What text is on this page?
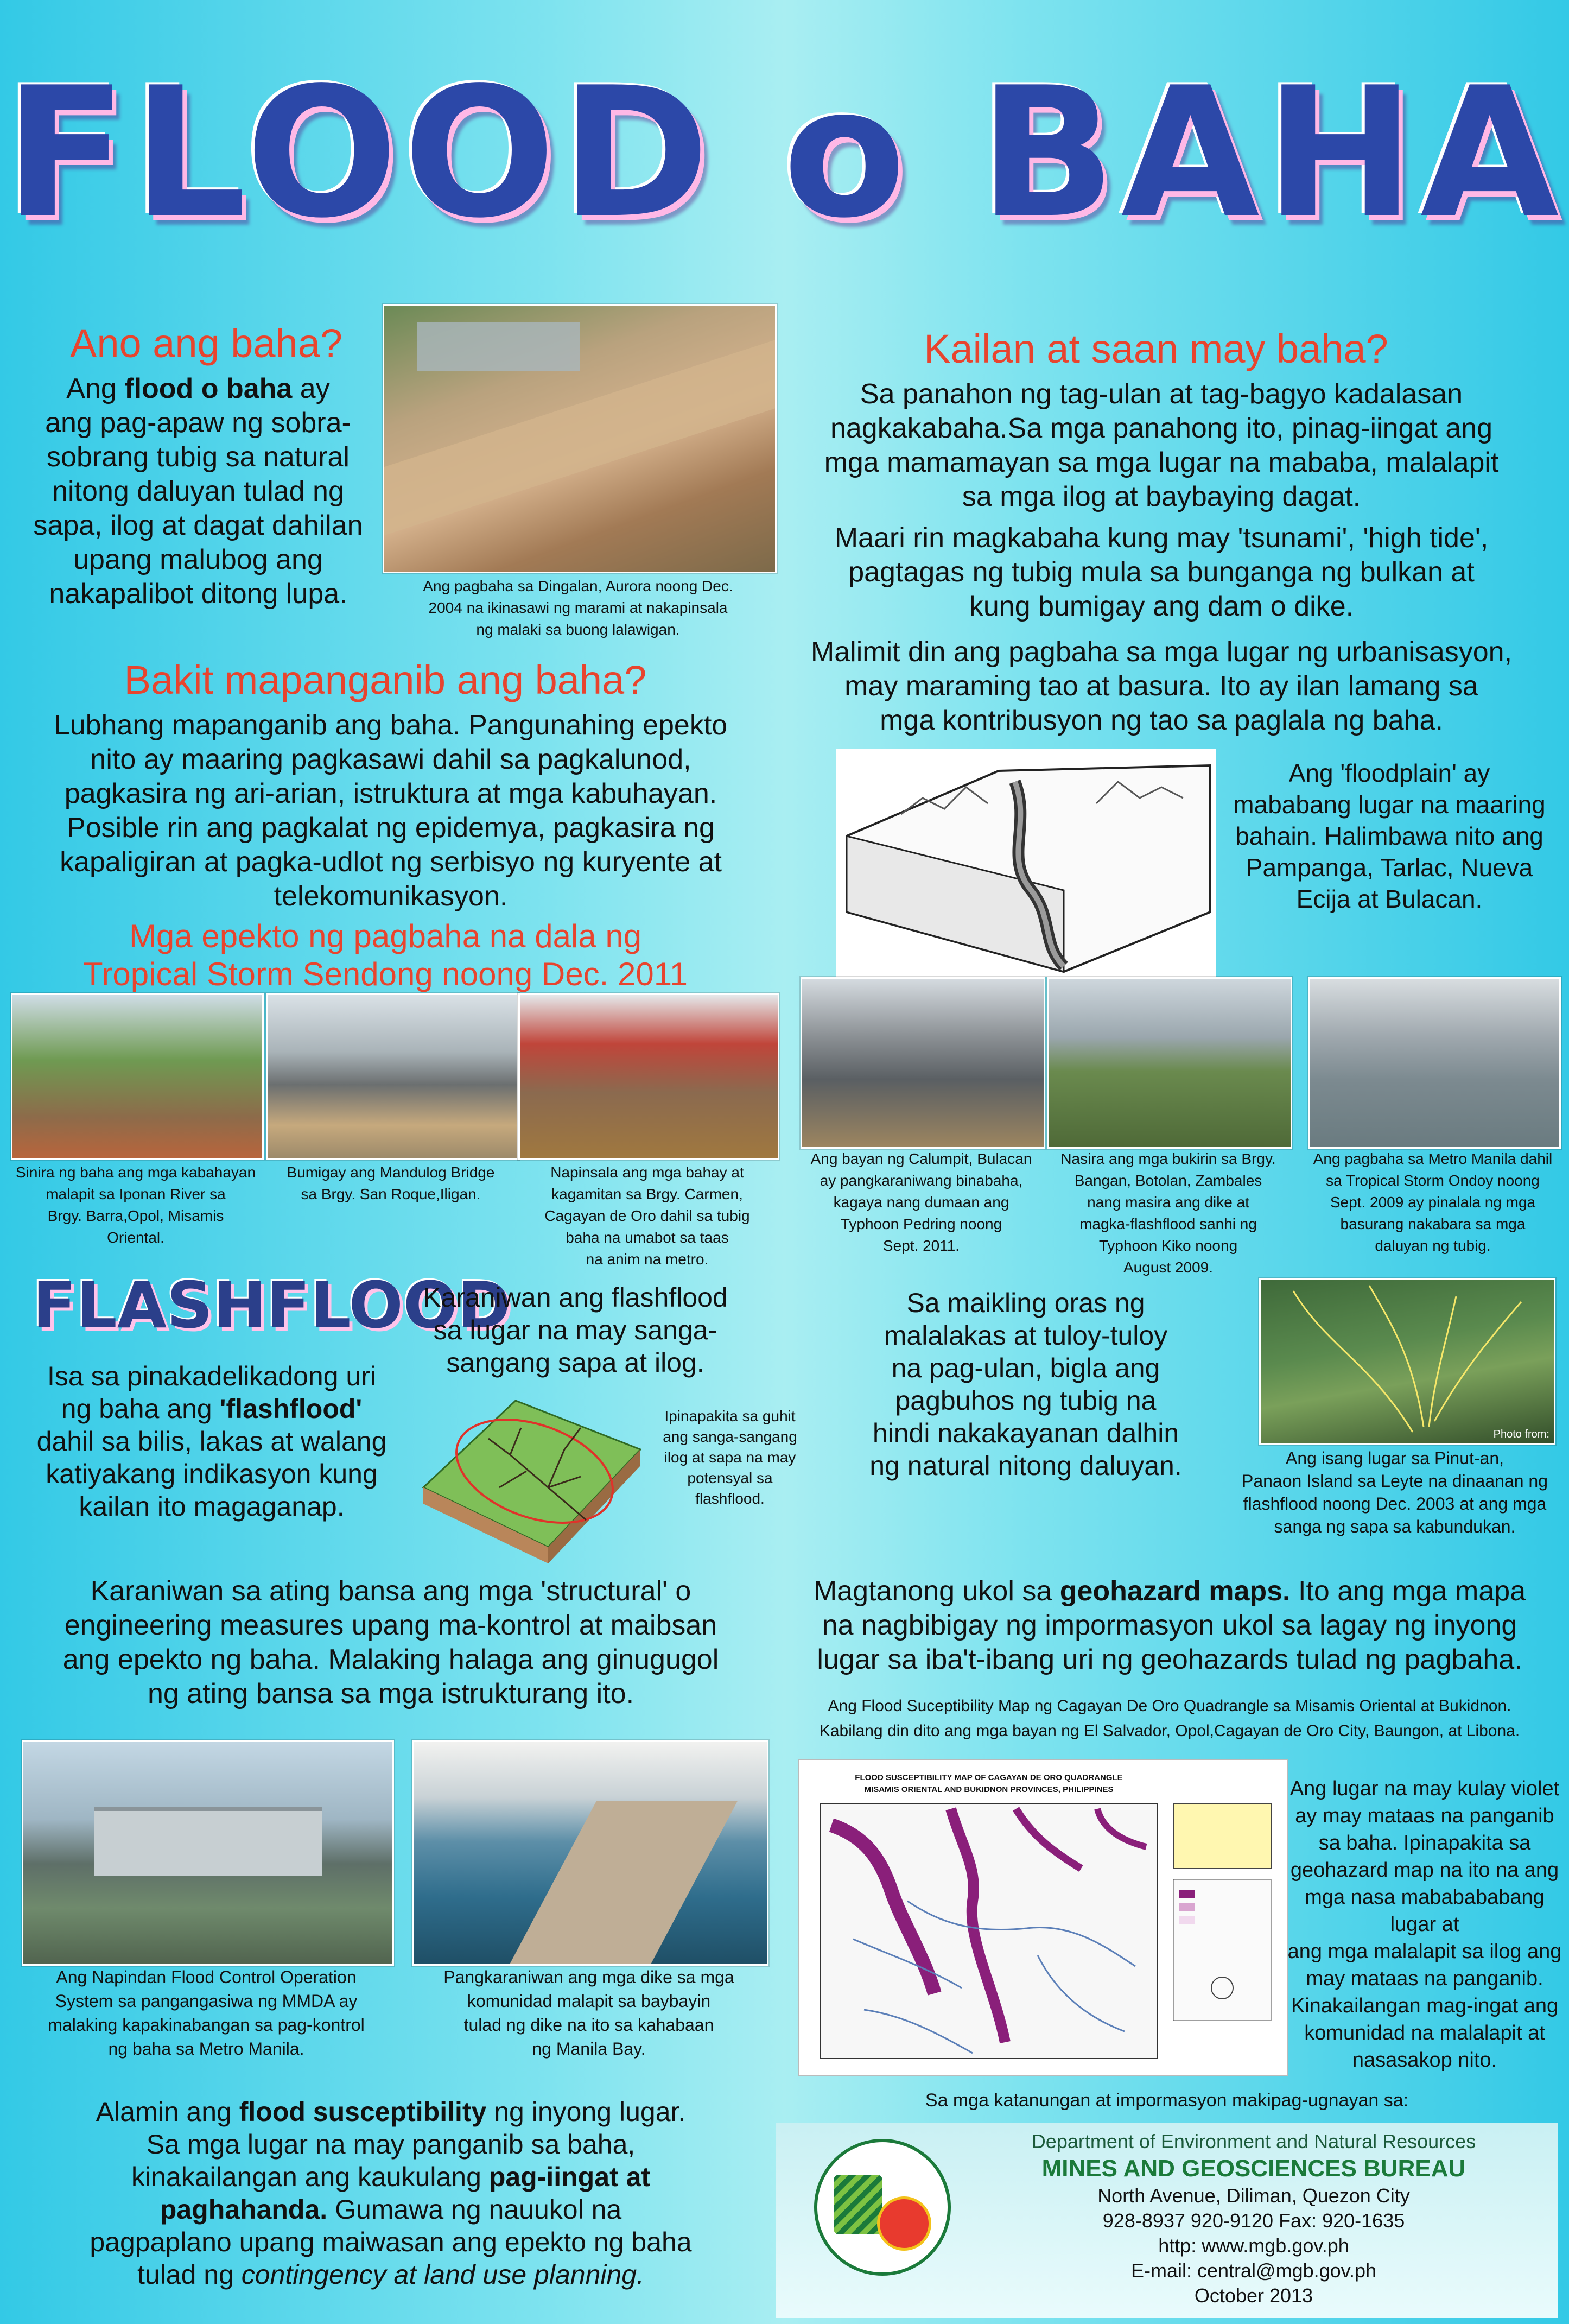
FLOOD o BAHA
Ano ang baha?
Ang flood o baha ay
ang pag-apaw ng sobra-
sobrang tubig sa natural
nitong daluyan tulad ng
sapa, ilog at dagat dahilan
upang malubog ang
nakapalibot ditong lupa.	Ang pagbaha sa Dingalan, Aurora noong Dec.
2004 na ikinasawi ng marami at nakapinsala
ng malaki sa buong lalawigan.
Bakit mapanganib ang baha?
Lubhang mapanganib ang baha. Pangunahing epekto
nito ay maaring pagkasawi dahil sa pagkalunod,
pagkasira ng ari-arian, istruktura at mga kabuhayan.
Posible rin ang pagkalat ng epidemya, pagkasira ng
kapaligiran at pagka-udlot ng serbisyo ng kuryente at
telekomunikasyon.
Kailan at saan may baha?
Sa panahon ng tag-ulan at tag-bagyo kadalasan
nagkakabaha.Sa mga panahong ito, pinag-iingat ang
mga mamamayan sa mga lugar na mababa, malalapit
sa mga ilog at baybaying dagat.
Maari rin magkabaha kung may 'tsunami', 'high tide',
pagtagas ng tubig mula sa bunganga ng bulkan at
kung bumigay ang dam o dike.
Malimit din ang pagbaha sa mga lugar ng urbanisasyon,
may maraming tao at basura. Ito ay ilan lamang sa
mga kontribusyon ng tao sa paglala ng baha.
Ang 'floodplain' ay
mababang lugar na maaring
bahain. Halimbawa nito ang
Pampanga, Tarlac, Nueva
Ecija at Bulacan.
Mga epekto ng pagbaha na dala ng
Tropical Storm Sendong noong Dec. 2011
Sinira ng baha ang mga kabahayan
malapit sa Iponan River sa
Brgy. Barra,Opol, Misamis
Oriental.
Bumigay ang Mandulog Bridge
sa Brgy. San Roque,Iligan.
Napinsala ang mga bahay at
kagamitan sa Brgy. Carmen,
Cagayan de Oro dahil sa tubig
baha na umabot sa taas
na anim na metro.
Ang bayan ng Calumpit, Bulacan
ay pangkaraniwang binabaha,
kagaya nang dumaan ang
Typhoon Pedring noong
Sept. 2011.
Nasira ang mga bukirin sa Brgy.
Bangan, Botolan, Zambales
nang masira ang dike at
magka-flashflood sanhi ng
Typhoon Kiko noong
August 2009.
Ang pagbaha sa Metro Manila dahil
sa Tropical Storm Ondoy noong
Sept. 2009 ay pinalala ng mga
basurang nakabara sa mga
daluyan ng tubig.
FLASHFLOOD
Karaniwan ang flashflood
sa lugar na may sanga-
sangang sapa at ilog.
Isa sa pinakadelikadong uri
ng baha ang 'flashflood'
dahil sa bilis, lakas at walang
katiyakang indikasyon kung
kailan ito magaganap.
Ipinapakita sa guhit
ang sanga-sangang
ilog at sapa na may
potensyal sa
flashflood.
Sa maikling oras ng
malalakas at tuloy-tuloy
na pag-ulan, bigla ang
pagbuhos ng tubig na
hindi nakakayanan dalhin
ng natural nitong daluyan.
Photo from:
Ang isang lugar sa Pinut-an,
Panaon Island sa Leyte na dinaanan ng
flashflood noong Dec. 2003 at ang mga
sanga ng sapa sa kabundukan.
Karaniwan sa ating bansa ang mga 'structural' o
engineering measures upang ma-kontrol at maibsan
ang epekto ng baha. Malaking halaga ang ginugugol
ng ating bansa sa mga istrukturang ito.
Magtanong ukol sa geohazard maps. Ito ang mga mapa
na nagbibigay ng impormasyon ukol sa lagay ng inyong
lugar sa iba't-ibang uri ng geohazards tulad ng pagbaha.
Ang Flood Suceptibility Map ng Cagayan De Oro Quadrangle sa Misamis Oriental at Bukidnon.
Kabilang din dito ang mga bayan ng El Salvador, Opol,Cagayan de Oro City, Baungon, at Libona.
FLOOD SUSCEPTIBILITY MAP OF CAGAYAN DE ORO QUADRANGLE
MISAMIS ORIENTAL AND BUKIDNON PROVINCES, PHILIPPINES	Ang lugar na may kulay violet
ay may mataas na panganib
sa baha. Ipinapakita sa
geohazard map na ito na ang
mga nasa mababababang lugar at
ang mga malalapit sa ilog ang
may mataas na panganib.
Kinakailangan mag-ingat ang
komunidad na malalapit at
nasasakop nito.
Ang Napindan Flood Control Operation
System sa pangangasiwa ng MMDA ay
malaking kapakinabangan sa pag-kontrol
ng baha sa Metro Manila.
Pangkaraniwan ang mga dike sa mga
komunidad malapit sa baybayin
tulad ng dike na ito sa kahabaan
ng Manila Bay.
Alamin ang flood susceptibility ng inyong lugar.
Sa mga lugar na may panganib sa baha,
kinakailangan ang kaukulang pag-iingat at
paghahanda. Gumawa ng nauukol na
pagpaplano upang maiwasan ang epekto ng baha
tulad ng contingency at land use planning.
Sa mga katanungan at impormasyon makipag-ugnayan sa:
Department of Environment and Natural Resources
MINES AND GEOSCIENCES BUREAU
North Avenue, Diliman, Quezon City
928-8937 920-9120 Fax: 920-1635
http: www.mgb.gov.ph
E-mail: central@mgb.gov.ph
October 2013
